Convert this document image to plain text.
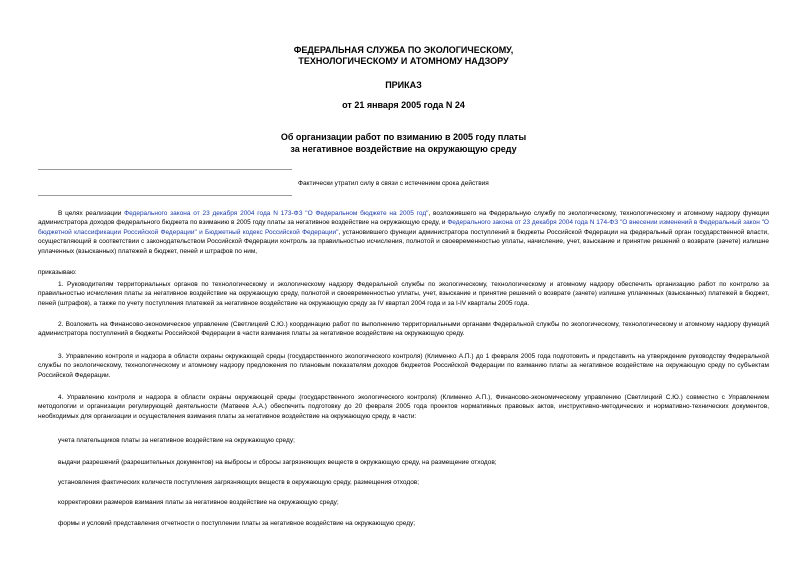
ФЕДЕРАЛЬНАЯ СЛУЖБА ПО ЭКОЛОГИЧЕСКОМУ,
ТЕХНОЛОГИЧЕСКОМУ И АТОМНОМУ НАДЗОРУ
ПРИКАЗ
от 21 января 2005 года N 24
Об организации работ по взиманию в 2005 году платы
за негативное воздействие на окружающую среду
Фактически утратил силу в связи с истечением срока действия
В целях реализации Федерального закона от 23 декабря 2004 года N 173-ФЗ "О Федеральном бюджете на 2005 год", возложившего на Федеральную службу по экологическому, технологическому и атомному надзору функции администратора доходов федерального бюджета по взиманию в 2005 году платы за негативное воздействие на окружающую среду, и Федерального закона от 23 декабря 2004 года N 174-ФЗ "О внесении изменений в Федеральный закон "О бюджетной классификации Российской Федерации" и Бюджетный кодекс Российской Федерации", установившего функции администратора поступлений в бюджеты Российской Федерации на федеральный орган государственной власти, осуществляющий в соответствии с законодательством Российской Федерации контроль за правильностью исчисления, полнотой и своевременностью уплаты, начисление, учет, взыскание и принятие решений о возврате (зачете) излишне уплаченных (взысканных) платежей в бюджет, пеней и штрафов по ним,
приказываю:
1. Руководителям территориальных органов по технологическому и экологическому надзору Федеральной службы по экологическому, технологическому и атомному надзору обеспечить организацию работ по контролю за правильностью исчисления платы за негативное воздействие на окружающую среду, полнотой и своевременностью уплаты, учет, взыскание и принятие решений о возврате (зачете) излишне уплаченных (взысканных) платежей в бюджет, пеней (штрафов), а также по учету поступления платежей за негативное воздействие на окружающую среду за IV квартал 2004 года и за I-IV кварталы 2005 года.
2. Возложить на Финансово-экономическое управление (Светлицкий С.Ю.) координацию работ по выполнению территориальными органами Федеральной службы по экологическому, технологическому и атомному надзору функций администратора поступлений в бюджеты Российской Федерации в части взимания платы за негативное воздействие на окружающую среду.
3. Управлению контроля и надзора в области охраны окружающей среды (государственного экологического контроля) (Клименко А.П.) до 1 февраля 2005 года подготовить и представить на утверждение руководству Федеральной службы по экологическому, технологическому и атомному надзору предложения по плановым показателям доходов бюджетов Российской Федерации по взиманию платы за негативное воздействие на окружающую среду по субъектам Российской Федерации.
4. Управлению контроля и надзора в области охраны окружающей среды (государственного экологического контроля) (Клименко А.П.), Финансово-экономическому управлению (Светлицкий С.Ю.) совместно с Управлением методологии и организации регулирующей деятельности (Матвеев А.А.) обеспечить подготовку до 20 февраля 2005 года проектов нормативных правовых актов, инструктивно-методических и нормативно-технических документов, необходимых для организации и осуществления взимания платы за негативное воздействие на окружающую среду, в части:
учета плательщиков платы за негативное воздействие на окружающую среду;
выдачи разрешений (разрешительных документов) на выбросы и сбросы загрязняющих веществ в окружающую среду, на размещение отходов;
установления фактических количеств поступления загрязняющих веществ в окружающую среду, размещения отходов;
корректировки размеров взимания платы за негативное воздействие на окружающую среду;
формы и условий представления отчетности о поступлении платы за негативное воздействие на окружающую среду;
